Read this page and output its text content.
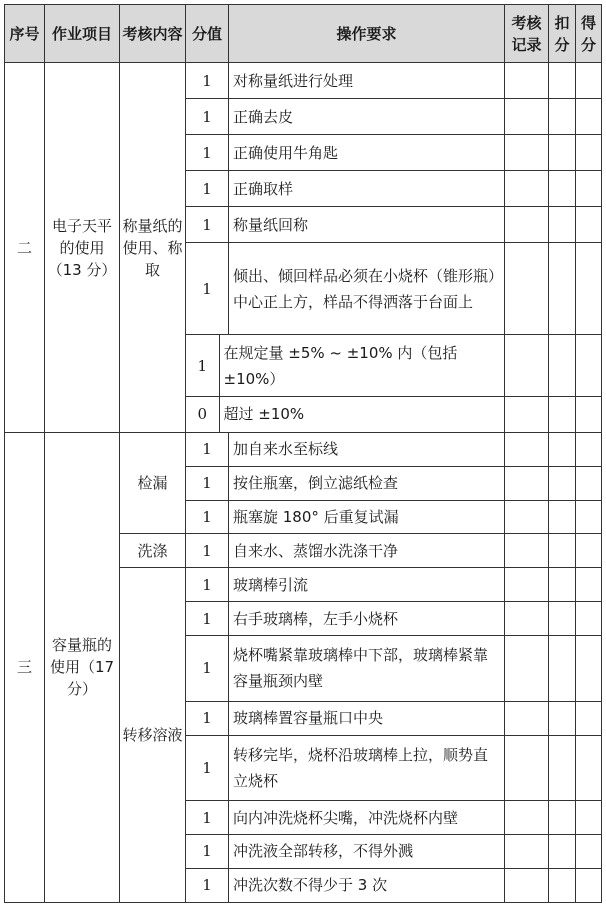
序号	作业项目	考核内容	分值	操作要求	考核记录	扣分	得分
二	电子天平的使用（13 分）	称量纸的使用、称取	1	对称量纸进行处理			
1	正确去皮			
1	正确使用牛角匙			
1	正确取样			
1	称量纸回称			
1	倾出、倾回样品必须在小烧杯（锥形瓶）中心正上方，样品不得洒落于台面上			

1	在规定量 ±5% ~ ±10% 内（包括 ±10%）

0	超过 ±10%

三	容量瓶的使用（17 分）	检漏	1	加自来水至标线			
1	按住瓶塞，倒立滤纸检查			
1	瓶塞旋 180° 后重复试漏			
洗涤	1	自来水、蒸馏水洗涤干净			
转移溶液	1	玻璃棒引流			
1	右手玻璃棒，左手小烧杯			
1	烧杯嘴紧靠玻璃棒中下部，玻璃棒紧靠容量瓶颈内壁			
1	玻璃棒置容量瓶口中央			
1	转移完毕，烧杯沿玻璃棒上拉，顺势直立烧杯			
1	向内冲洗烧杯尖嘴，冲洗烧杯内壁			
1	冲洗液全部转移，不得外溅			
1	冲洗次数不得少于 3 次			
